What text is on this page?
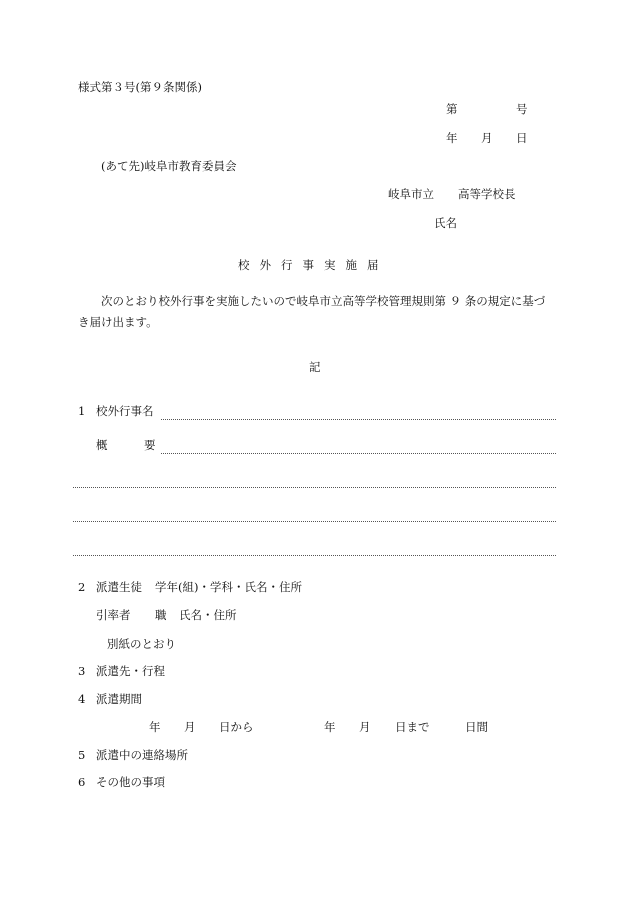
様式第３号(第９条関係)
第	号
年 月 日
(あて先)岐阜市教育委員会
岐阜市立 高等学校長
氏名
校外行事実施届
次のとおり校外行事を実施したいので岐阜市立高等学校管理規則第 ９ 条の規定に基づ
き届け出ます。
記
1 校外行事名
概	要
2 派遣生徒 学年(組)・学科・氏名・住所
引率者 職 氏名・住所
別紙のとおり
3 派遣先・行程
4 派遣期間
年 月 日から	年 月 日まで	日間
5 派遣中の連絡場所
6 その他の事項
